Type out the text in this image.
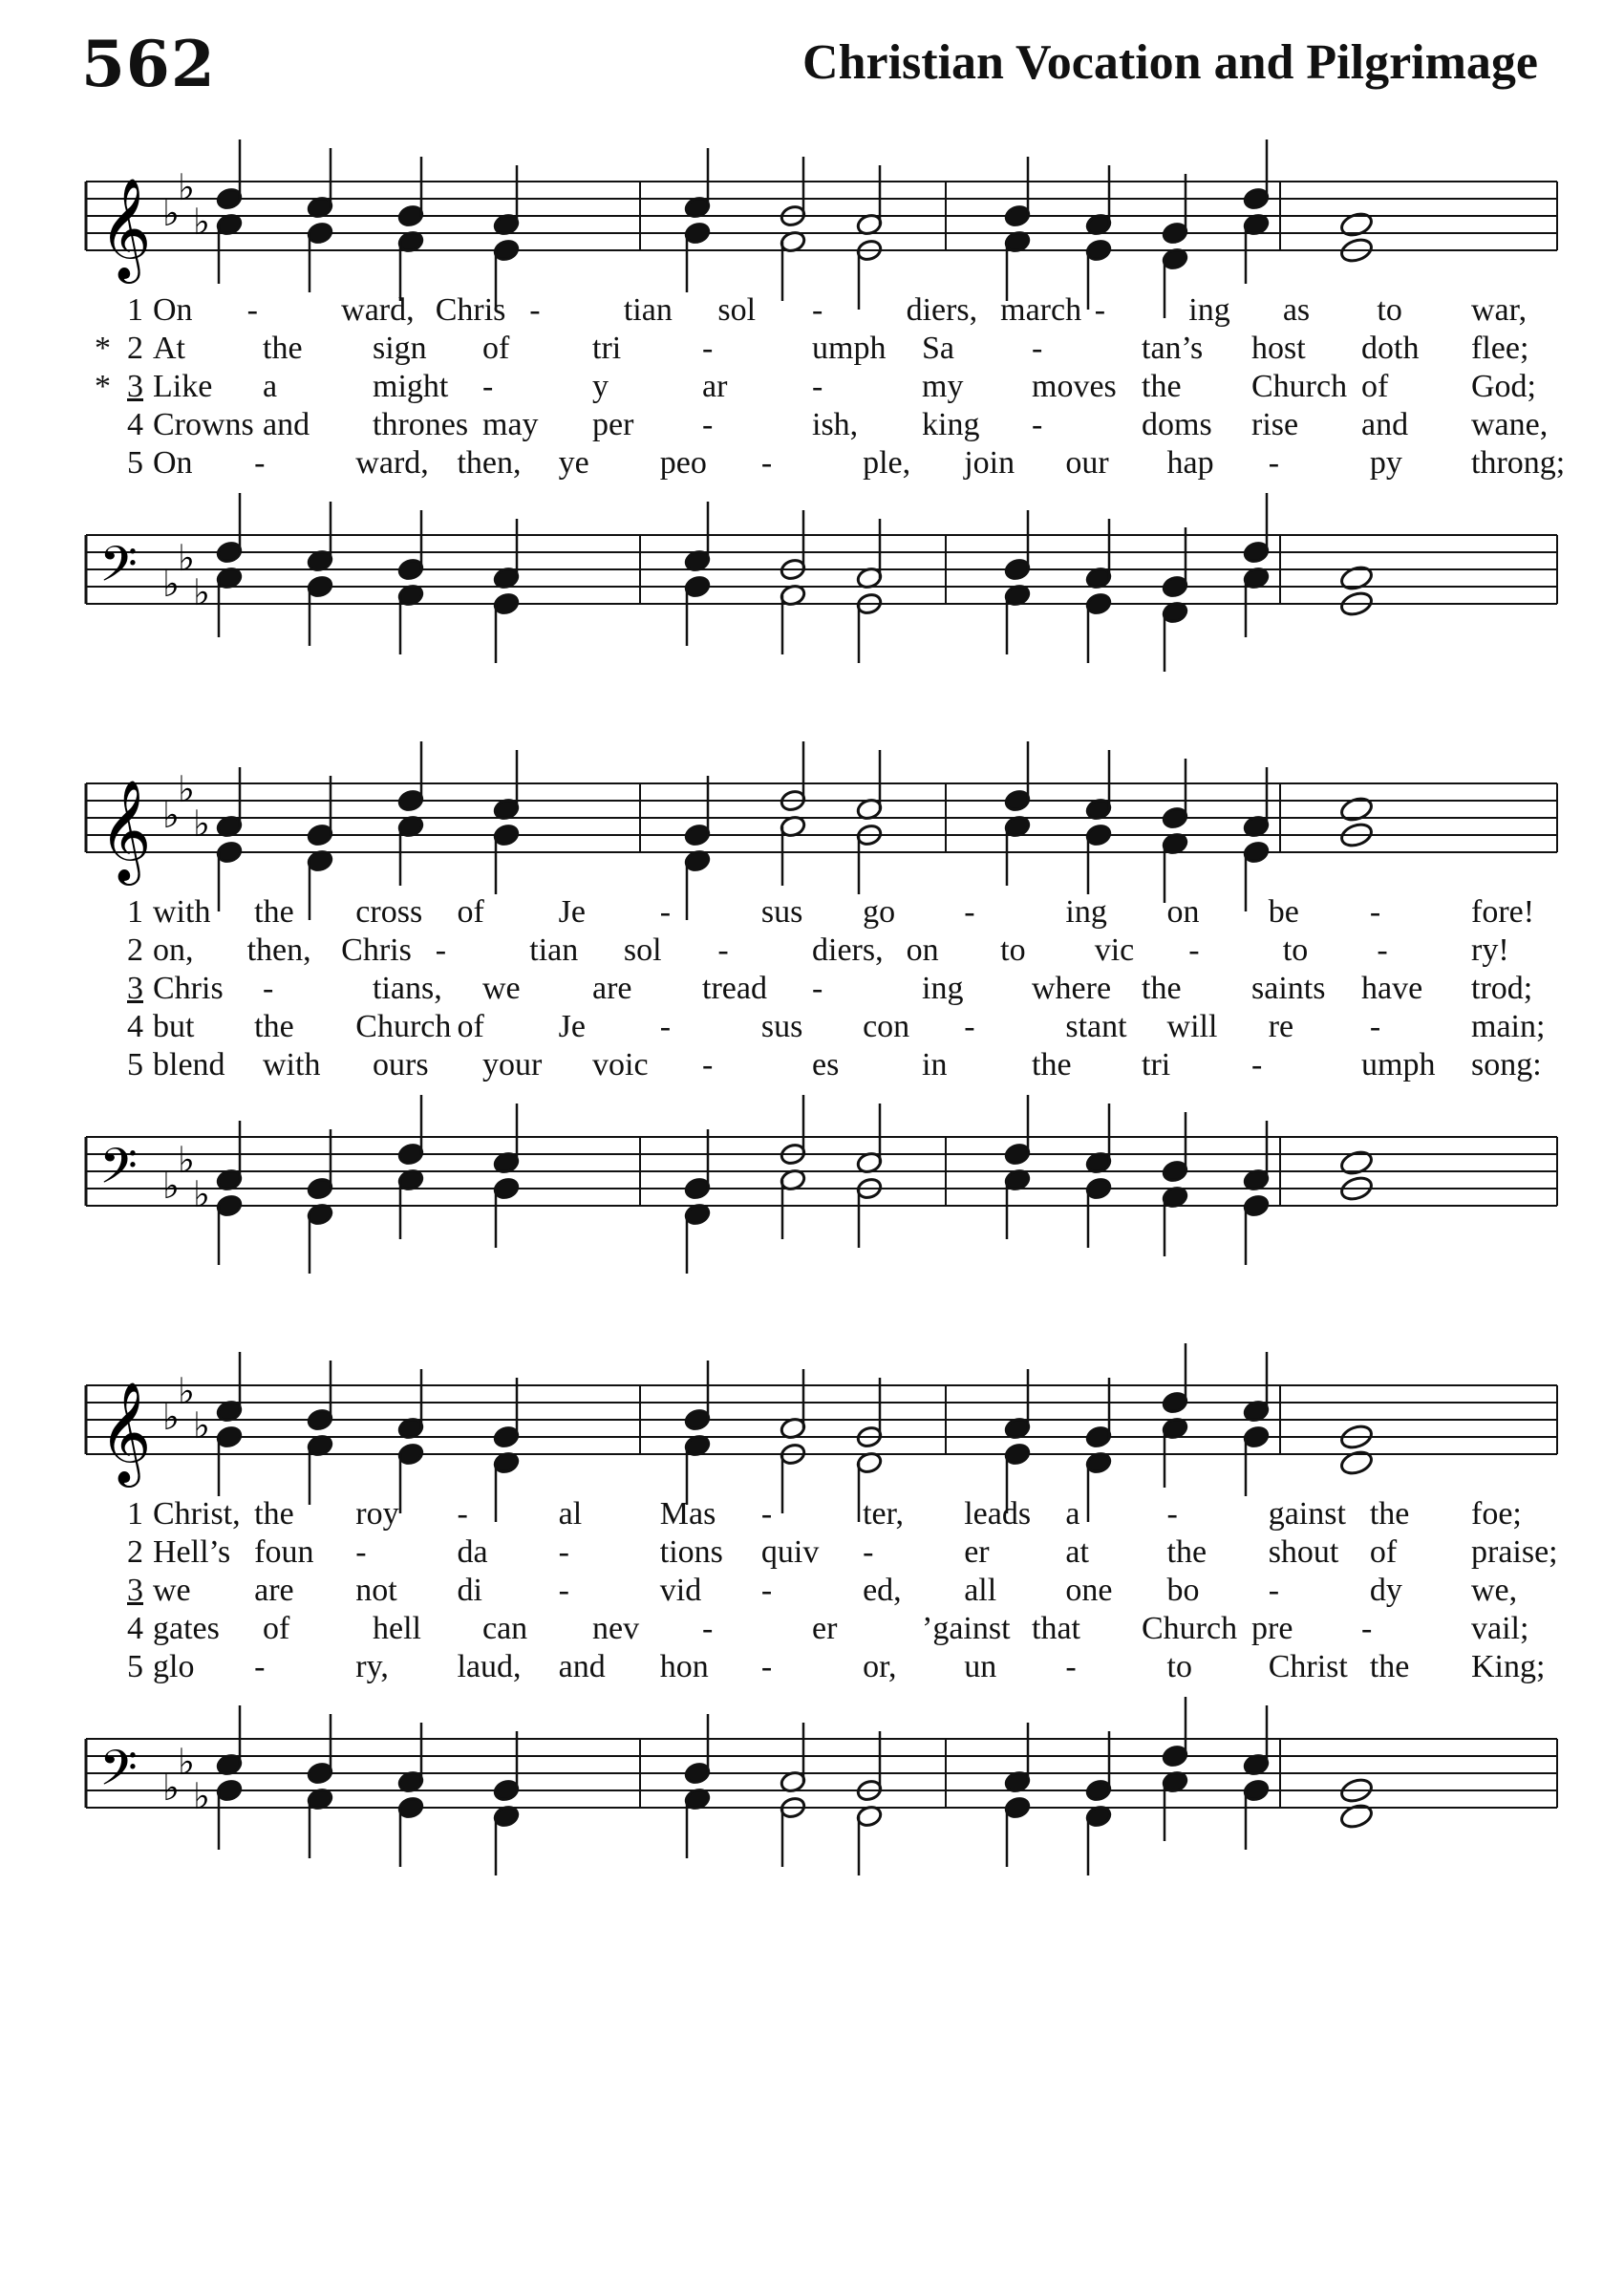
562	Christian Vocation and Pilgrimage
𝄞 ♭
♭
♭
1 On -	ward, Chris -	tian sol -	diers, march -	ing as to war,
* 2 At the sign of	tri -	umph Sa -	tan’s host doth flee;
* 3 Like a	might -	y	ar	-	my moves the Church of	God;
4 Crowns and thrones may per -	ish, king -	doms rise and wane,
5 On -	ward, then, ye peo -	ple, join our hap -	py throng;
𝄢 ♭
♭
♭
𝄞 ♭
♭
♭
1 with the cross of Je -	sus go -	ing on be -	fore!
2 on, then, Chris -	tian sol -	diers, on to vic -	to -	ry!
3 Chris -	tians, we are tread -	ing where the saints have trod;
4 but the Church of Je -	sus con -	stant will re -	main;
5 blend with ours your voic -	es	in	the tri -	umph song:
𝄢 ♭
♭
♭
𝄞 ♭
♭
♭
1 Christ, the roy -	al Mas -	ter, leads a	-	gainst the foe;
2 Hell’s foun -	da -	tions quiv -	er at the shout of praise;
3 we are not di -	vid -	ed, all one bo -	dy we,
4 gates of	hell can nev -	er	’gainst that Church pre -	vail;
5 glo -	ry, laud, and hon -	or, un -	to Christ the King;
𝄢 ♭
♭
♭
